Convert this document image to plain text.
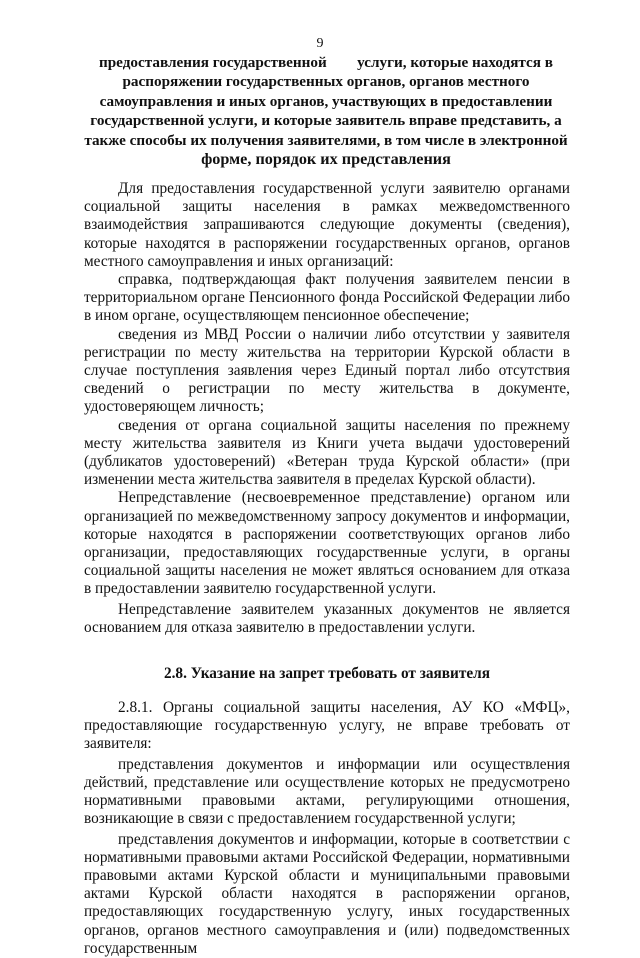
9
предоставления государственной        услуги, которые находятся в
распоряжении государственных органов, органов местного
самоуправления и иных органов, участвующих в предоставлении
государственной услуги, и которые заявитель вправе представить, а
также способы их получения заявителями, в том числе в электронной
форме, порядок их представления

Для предоставления государственной услуги заявителю органами социальной защиты населения в рамках межведомственного взаимодействия запрашиваются следующие документы (сведения), которые находятся в распоряжении государственных органов, органов местного самоуправления и иных организаций:

справка, подтверждающая факт получения заявителем пенсии в территориальном органе Пенсионного фонда Российской Федерации либо в ином органе, осуществляющем пенсионное обеспечение;

сведения из МВД России о наличии либо отсутствии у заявителя регистрации по месту жительства на территории Курской области в случае поступления заявления через Единый портал либо отсутствия сведений о регистрации по месту жительства в документе, удостоверяющем личность;

сведения от органа социальной защиты населения по прежнему месту жительства заявителя из Книги учета выдачи удостоверений (дубликатов удостоверений) «Ветеран труда Курской области» (при изменении места жительства заявителя в пределах Курской области).

Непредставление (несвоевременное представление) органом или организацией по межведомственному запросу документов и информации, которые находятся в распоряжении соответствующих органов либо организации, предоставляющих государственные услуги, в органы социальной защиты населения не может являться основанием для отказа в предоставлении заявителю государственной услуги.

Непредставление заявителем указанных документов не является основанием для отказа заявителю в предоставлении услуги.

2.8. Указание на запрет требовать от заявителя

2.8.1. Органы социальной защиты населения, АУ КО «МФЦ», предоставляющие государственную услугу, не вправе требовать от заявителя:

представления документов и информации или осуществления действий, представление или осуществление которых не предусмотрено нормативными правовыми актами, регулирующими отношения, возникающие в связи с предоставлением государственной услуги;

представления документов и информации, которые в соответствии с нормативными правовыми актами Российской Федерации, нормативными правовыми актами Курской области и муниципальными правовыми актами Курской области находятся в распоряжении органов, предоставляющих государственную услугу, иных государственных органов, органов местного самоуправления и (или) подведомственных государственным
